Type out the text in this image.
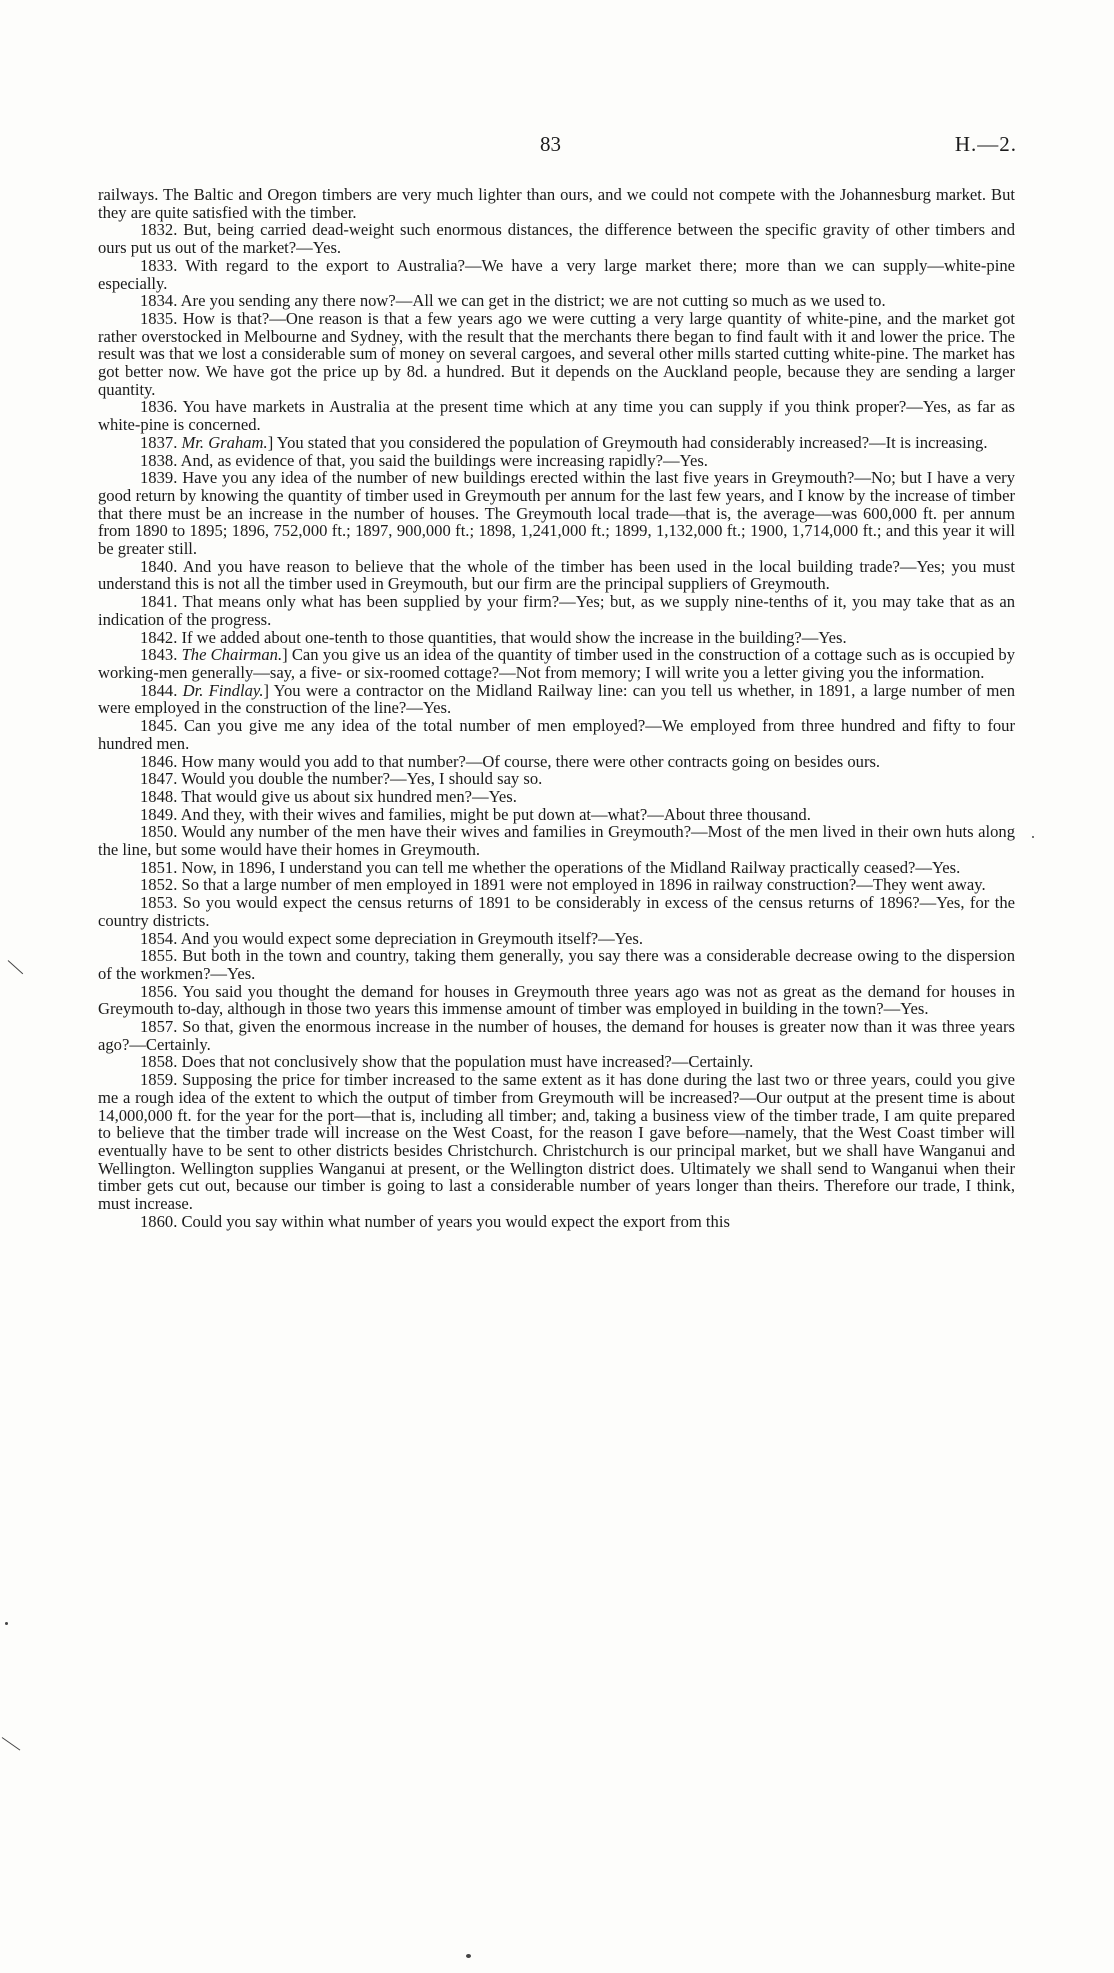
83	H.—2.

railways. The Baltic and Oregon timbers are very much lighter than ours, and we could not compete with the Johannesburg market. But they are quite satisfied with the timber.

1832. But, being carried dead-weight such enormous distances, the difference between the specific gravity of other timbers and ours put us out of the market?—Yes.

1833. With regard to the export to Australia?—We have a very large market there; more than we can supply—white-pine especially.

1834. Are you sending any there now?—All we can get in the district; we are not cutting so much as we used to.

1835. How is that?—One reason is that a few years ago we were cutting a very large quantity of white-pine, and the market got rather overstocked in Melbourne and Sydney, with the result that the merchants there began to find fault with it and lower the price. The result was that we lost a considerable sum of money on several cargoes, and several other mills started cutting white-pine. The market has got better now. We have got the price up by 8d. a hundred. But it depends on the Auckland people, because they are sending a larger quantity.

1836. You have markets in Australia at the present time which at any time you can supply if you think proper?—Yes, as far as white-pine is concerned.

1837. Mr. Graham.] You stated that you considered the population of Greymouth had considerably increased?—It is increasing.

1838. And, as evidence of that, you said the buildings were increasing rapidly?—Yes.

1839. Have you any idea of the number of new buildings erected within the last five years in Greymouth?—No; but I have a very good return by knowing the quantity of timber used in Greymouth per annum for the last few years, and I know by the increase of timber that there must be an increase in the number of houses. The Greymouth local trade—that is, the average—was 600,000 ft. per annum from 1890 to 1895; 1896, 752,000 ft.; 1897, 900,000 ft.; 1898, 1,241,000 ft.; 1899, 1,132,000 ft.; 1900, 1,714,000 ft.; and this year it will be greater still.

1840. And you have reason to believe that the whole of the timber has been used in the local building trade?—Yes; you must understand this is not all the timber used in Greymouth, but our firm are the principal suppliers of Greymouth.

1841. That means only what has been supplied by your firm?—Yes; but, as we supply nine-tenths of it, you may take that as an indication of the progress.

1842. If we added about one-tenth to those quantities, that would show the increase in the building?—Yes.

1843. The Chairman.] Can you give us an idea of the quantity of timber used in the construction of a cottage such as is occupied by working-men generally—say, a five- or six-roomed cottage?—Not from memory; I will write you a letter giving you the information.

1844. Dr. Findlay.] You were a contractor on the Midland Railway line: can you tell us whether, in 1891, a large number of men were employed in the construction of the line?—Yes.

1845. Can you give me any idea of the total number of men employed?—We employed from three hundred and fifty to four hundred men.

1846. How many would you add to that number?—Of course, there were other contracts going on besides ours.

1847. Would you double the number?—Yes, I should say so.

1848. That would give us about six hundred men?—Yes.

1849. And they, with their wives and families, might be put down at—what?—About three thousand.

1850. Would any number of the men have their wives and families in Greymouth?—Most of the men lived in their own huts along the line, but some would have their homes in Greymouth.

1851. Now, in 1896, I understand you can tell me whether the operations of the Midland Railway practically ceased?—Yes.

1852. So that a large number of men employed in 1891 were not employed in 1896 in railway construction?—They went away.

1853. So you would expect the census returns of 1891 to be considerably in excess of the census returns of 1896?—Yes, for the country districts.

1854. And you would expect some depreciation in Greymouth itself?—Yes.

1855. But both in the town and country, taking them generally, you say there was a considerable decrease owing to the dispersion of the workmen?—Yes.

1856. You said you thought the demand for houses in Greymouth three years ago was not as great as the demand for houses in Greymouth to-day, although in those two years this immense amount of timber was employed in building in the town?—Yes.

1857. So that, given the enormous increase in the number of houses, the demand for houses is greater now than it was three years ago?—Certainly.

1858. Does that not conclusively show that the population must have increased?—Certainly.

1859. Supposing the price for timber increased to the same extent as it has done during the last two or three years, could you give me a rough idea of the extent to which the output of timber from Greymouth will be increased?—Our output at the present time is about 14,000,000 ft. for the year for the port—that is, including all timber; and, taking a business view of the timber trade, I am quite prepared to believe that the timber trade will increase on the West Coast, for the reason I gave before—namely, that the West Coast timber will eventually have to be sent to other districts besides Christchurch. Christchurch is our principal market, but we shall have Wanganui and Wellington. Wellington supplies Wanganui at present, or the Wellington district does. Ultimately we shall send to Wanganui when their timber gets cut out, because our timber is going to last a considerable number of years longer than theirs. Therefore our trade, I think, must increase.

1860. Could you say within what number of years you would expect the export from this
